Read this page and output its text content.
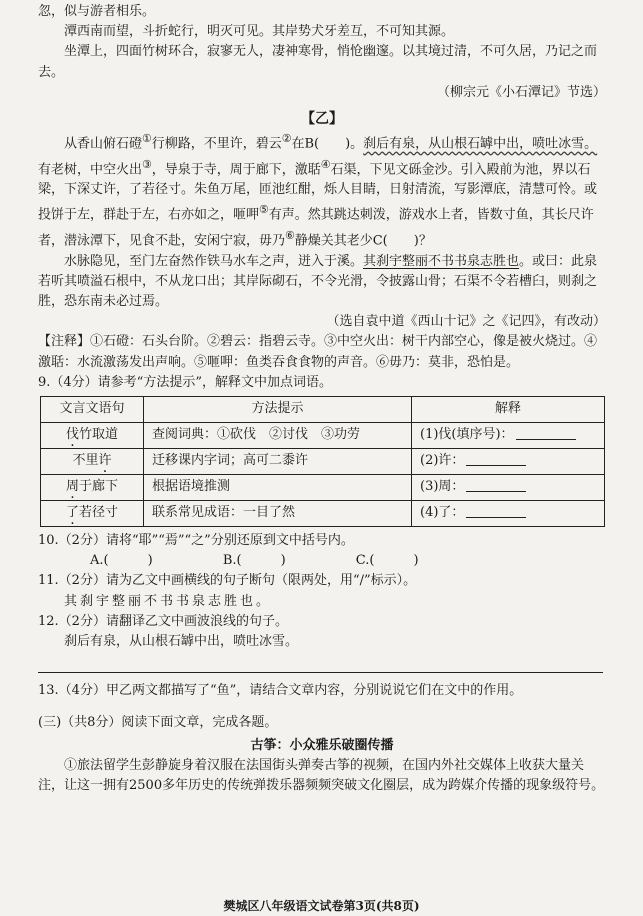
忽，似与游者相乐。

潭西南而望，斗折蛇行，明灭可见。其岸势犬牙差互，不可知其源。

坐潭上，四面竹树环合，寂寥无人，凄神寒骨，悄怆幽邃。以其境过清，不可久居，乃记之而去。

（柳宗元《小石潭记》节选）

【乙】

从香山俯石磴①行柳路，不里许，碧云②在B(　　)。刹后有泉，从山根石罅中出，喷吐冰雪。有老树，中空火出③，导泉于寺，周于廊下，激聒④石渠，下见文砾金沙。引入殿前为池，界以石梁，下深丈许，了若径寸。朱鱼万尾，匝池红酣，烁人目睛，日射清流，写影潭底，清慧可怜。或投饼于左，群赴于左，右亦如之，咂呷⑤有声。然其跳达刺泼，游戏水上者，皆数寸鱼，其长尺许者，潜泳潭下，见食不赴，安闲宁寂，毋乃⑥静燥关其老少C(　　)？

水脉隐见，至门左奋然作铁马水车之声，迸入于溪。其刹宇整丽不书书泉志胜也。或曰：此泉若听其喷溢石根中，不从龙口出；其岸际砌石，不令光滑，令披露山骨；石渠不令若槽臼，则刹之胜，恐东南未必过焉。

（选自袁中道《西山十记》之《记四》，有改动）

【注释】①石磴：石头台阶。②碧云：指碧云寺。③中空火出：树干内部空心，像是被火烧过。④激聒：水流激荡发出声响。⑤咂呷：鱼类吞食食物的声音。⑥毋乃：莫非，恐怕是。

9.（4分）请参考“方法提示”，解释文中加点词语。

文言文语句	方法提示	解释
伐竹取道	查阅词典：①砍伐　②讨伐　③功劳	(1)伐(填序号)：
不里许	迁移课内字词；高可二黍许	(2)许：
周于廊下	根据语境推测	(3)周：
了若径寸	联系常见成语：一目了然	(4)了：

10.（2分）请将“耶”“焉”“之”分别还原到文中括号内。

A.(　　　)	B.(　　　)	C.(　　　)

11.（2分）请为乙文中画横线的句子断句（限两处，用“/”标示）。

其刹宇整丽不书书泉志胜也。

12.（2分）请翻译乙文中画波浪线的句子。

刹后有泉，从山根石罅中出，喷吐冰雪。

13.（4分）甲乙两文都描写了“鱼”，请结合文章内容，分别说说它们在文中的作用。

(三)（共8分）阅读下面文章，完成各题。

古筝：小众雅乐破圈传播

①旅法留学生彭静旋身着汉服在法国街头弹奏古筝的视频，在国内外社交媒体上收获大量关注，让这一拥有2500多年历史的传统弹拨乐器频频突破文化圈层，成为跨媒介传播的现象级符号。

樊城区八年级语文试卷第3页(共8页)
